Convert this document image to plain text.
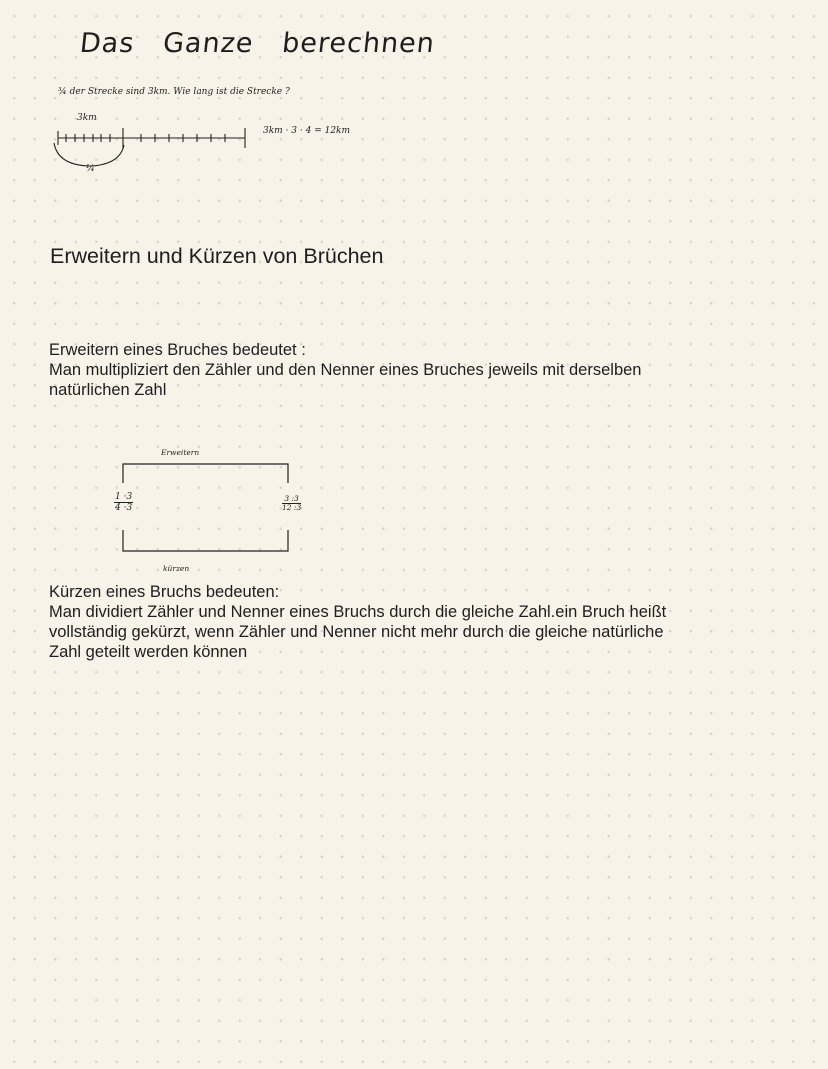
Das   Ganze   berechnen
¾ der Strecke sind 3km. Wie lang ist die Strecke ?
3km
3km · 3 · 4 = 12km
¼
Erweitern und Kürzen von Brüchen
Erweitern eines Bruches bedeutet :
Man multipliziert den Zähler und den Nenner eines Bruches jeweils mit derselben
natürlichen Zahl
Erweitern
kürzen
$\frac{1 \cdot 3}{4 \cdot 3}$	$\frac{3 :3}{12 :3}$
Kürzen eines Bruchs bedeuten:
Man dividiert Zähler und Nenner eines Bruchs durch die gleiche Zahl.ein Bruch heißt
vollständig gekürzt, wenn Zähler und Nenner nicht mehr durch die gleiche natürliche
Zahl geteilt werden können
